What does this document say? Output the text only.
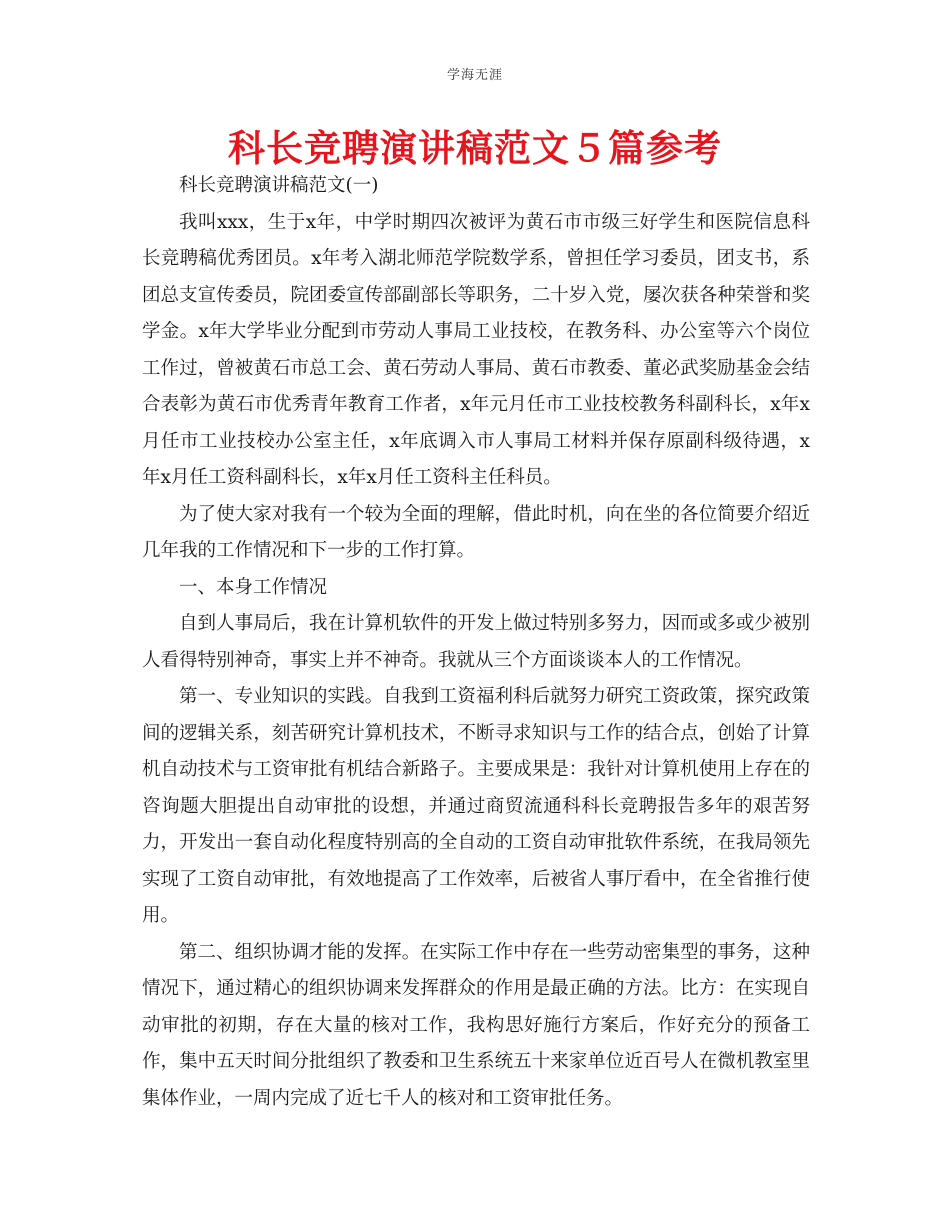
学海无涯
科长竞聘演讲稿范文５篇参考

科长竞聘演讲稿范文(一)

我叫xxx，生于x年，中学时期四次被评为黄石市市级三好学生和医院信息科长竞聘稿优秀团员。x年考入湖北师范学院数学系，曾担任学习委员，团支书，系团总支宣传委员，院团委宣传部副部长等职务，二十岁入党，屡次获各种荣誉和奖学金。x年大学毕业分配到市劳动人事局工业技校，在教务科、办公室等六个岗位工作过，曾被黄石市总工会、黄石劳动人事局、黄石市教委、董必武奖励基金会结合表彰为黄石市优秀青年教育工作者，x年元月任市工业技校教务科副科长，x年x月任市工业技校办公室主任，x年底调入市人事局工材料并保存原副科级待遇，x年x月任工资科副科长，x年x月任工资科主任科员。

为了使大家对我有一个较为全面的理解，借此时机，向在坐的各位简要介绍近几年我的工作情况和下一步的工作打算。

一、本身工作情况

自到人事局后，我在计算机软件的开发上做过特别多努力，因而或多或少被别人看得特别神奇，事实上并不神奇。我就从三个方面谈谈本人的工作情况。

第一、专业知识的实践。自我到工资福利科后就努力研究工资政策，探究政策间的逻辑关系，刻苦研究计算机技术，不断寻求知识与工作的结合点，创始了计算机自动技术与工资审批有机结合新路子。主要成果是：我针对计算机使用上存在的咨询题大胆提出自动审批的设想，并通过商贸流通科科长竞聘报告多年的艰苦努力，开发出一套自动化程度特别高的全自动的工资自动审批软件系统，在我局领先实现了工资自动审批，有效地提高了工作效率，后被省人事厅看中，在全省推行使用。

第二、组织协调才能的发挥。在实际工作中存在一些劳动密集型的事务，这种情况下，通过精心的组织协调来发挥群众的作用是最正确的方法。比方：在实现自动审批的初期，存在大量的核对工作，我构思好施行方案后，作好充分的预备工作，集中五天时间分批组织了教委和卫生系统五十来家单位近百号人在微机教室里集体作业，一周内完成了近七千人的核对和工资审批任务。
